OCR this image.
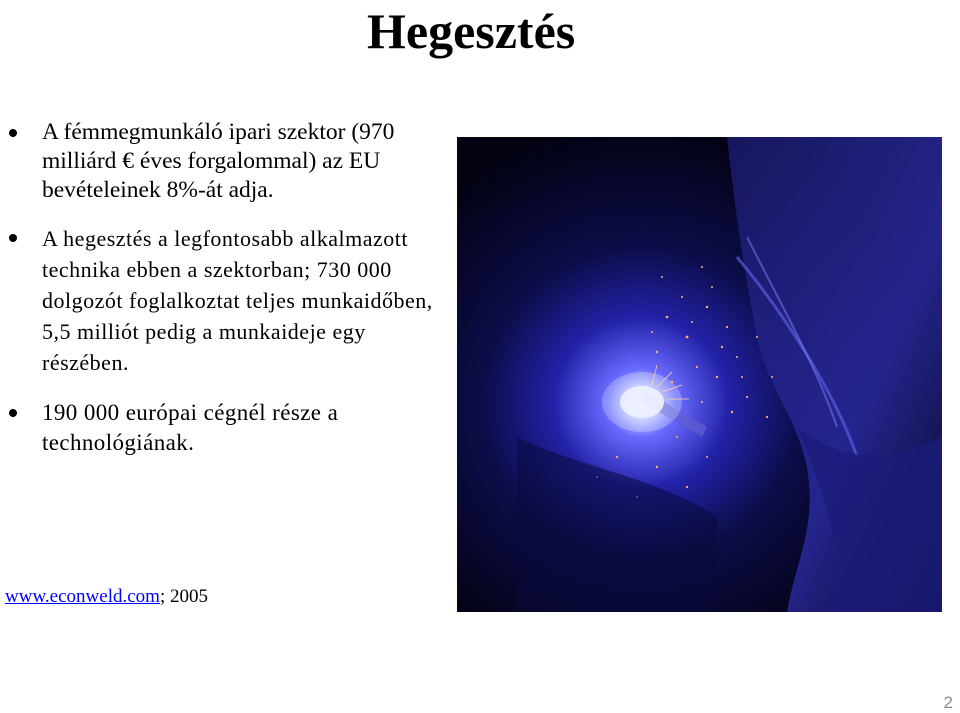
Hegesztés
A fémmegmunkáló ipari szektor (970 milliárd € éves forgalommal) az EU bevételeinek 8%-át adja.
A hegesztés a legfontosabb alkalmazott technika ebben a szektorban; 730 000 dolgozót foglalkoztat teljes munkaidőben, 5,5 milliót pedig a munkaideje egy részében.
190 000 európai cégnél része a technológiának.
www.econweld.com; 2005
2
